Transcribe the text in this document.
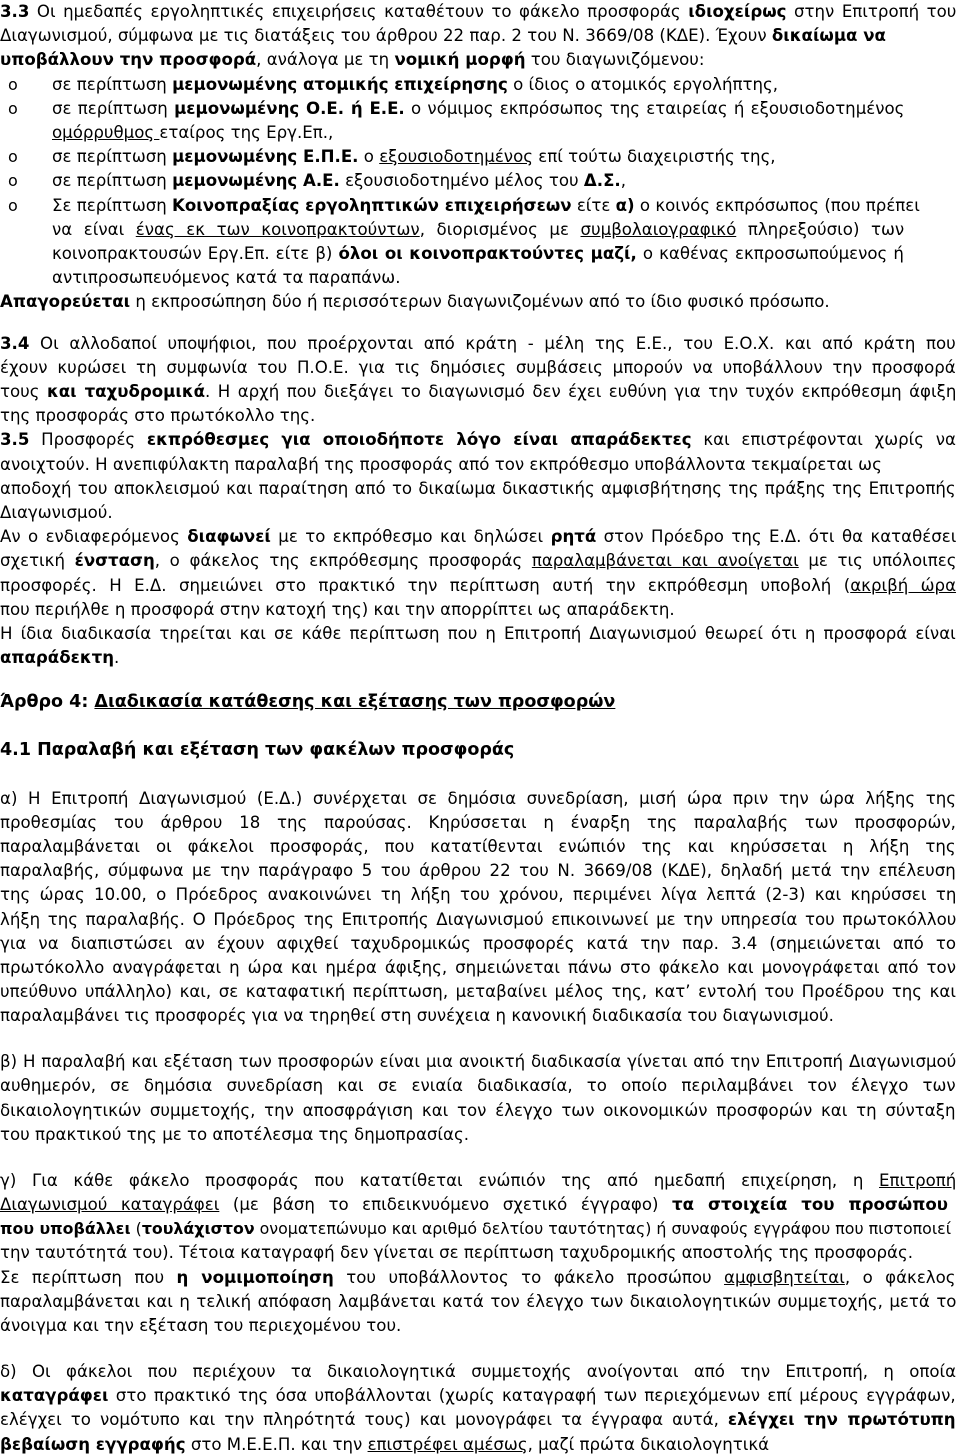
3.3 Οι ημεδαπές εργοληπτικές επιχειρήσεις καταθέτουν το φάκελο προσφοράς ιδιοχείρως στην Επιτροπή του
Διαγωνισμού, σύμφωνα με τις διατάξεις του άρθρου 22 παρ. 2 του Ν. 3669/08 (ΚΔΕ). Έχουν δικαίωμα να
υποβάλλουν την προσφορά, ανάλογα με τη νομική μορφή του διαγωνιζόμενου:
o σε περίπτωση μεμονωμένης ατομικής επιχείρησης ο ίδιος ο ατομικός εργολήπτης,
o σε περίπτωση μεμονωμένης Ο.Ε. ή Ε.Ε. ο νόμιμος εκπρόσωπος της εταιρείας ή εξουσιοδοτημένος
ομόρρυθμος εταίρος της Εργ.Επ.,
o σε περίπτωση μεμονωμένης Ε.Π.Ε. ο εξουσιοδοτημένος επί τούτω διαχειριστής της,
o σε περίπτωση μεμονωμένης Α.Ε. εξουσιοδοτημένο μέλος του Δ.Σ.,
o Σε περίπτωση Κοινοπραξίας εργοληπτικών επιχειρήσεων είτε α) ο κοινός εκπρόσωπος (που πρέπει
να είναι ένας εκ των κοινοπρακτούντων, διορισμένος με συμβολαιογραφικό πληρεξούσιο) των
κοινοπρακτουσών Εργ.Επ. είτε β) όλοι οι κοινοπρακτούντες μαζί, ο καθένας εκπροσωπούμενος ή
αντιπροσωπευόμενος κατά τα παραπάνω.
Απαγορεύεται η εκπροσώπηση δύο ή περισσότερων διαγωνιζομένων από το ίδιο φυσικό πρόσωπο.
3.4 Οι αλλοδαποί υποψήφιοι, που προέρχονται από κράτη - μέλη της Ε.Ε., του Ε.Ο.Χ. και από κράτη που
έχουν κυρώσει τη συμφωνία του Π.Ο.Ε. για τις δημόσιες συμβάσεις μπορούν να υποβάλλουν την προσφορά
τους και ταχυδρομικά. Η αρχή που διεξάγει το διαγωνισμό δεν έχει ευθύνη για την τυχόν εκπρόθεσμη άφιξη
της προσφοράς στο πρωτόκολλο της.
3.5 Προσφορές εκπρόθεσμες για οποιοδήποτε λόγο είναι απαράδεκτες και επιστρέφονται χωρίς να
ανοιχτούν. Η ανεπιφύλακτη παραλαβή της προσφοράς από τον εκπρόθεσμο υποβάλλοντα τεκμαίρεται ως
αποδοχή του αποκλεισμού και παραίτηση από το δικαίωμα δικαστικής αμφισβήτησης της πράξης της Επιτροπής
Διαγωνισμού.
Αν ο ενδιαφερόμενος διαφωνεί με το εκπρόθεσμο και δηλώσει ρητά στον Πρόεδρο της Ε.Δ. ότι θα καταθέσει
σχετική ένσταση, ο φάκελος της εκπρόθεσμης προσφοράς παραλαμβάνεται και ανοίγεται με τις υπόλοιπες
προσφορές. Η Ε.Δ. σημειώνει στο πρακτικό την περίπτωση αυτή την εκπρόθεσμη υποβολή (ακριβή ώρα
που περιήλθε η προσφορά στην κατοχή της) και την απορρίπτει ως απαράδεκτη.
Η ίδια διαδικασία τηρείται και σε κάθε περίπτωση που η Επιτροπή Διαγωνισμού θεωρεί ότι η προσφορά είναι
απαράδεκτη.
Άρθρο 4: Διαδικασία κατάθεσης και εξέτασης των προσφορών
4.1 Παραλαβή και εξέταση των φακέλων προσφοράς
α) Η Επιτροπή Διαγωνισμού (Ε.Δ.) συνέρχεται σε δημόσια συνεδρίαση, μισή ώρα πριν την ώρα λήξης της
προθεσμίας του άρθρου 18 της παρούσας. Κηρύσσεται η έναρξη της παραλαβής των προσφορών,
παραλαμβάνεται οι φάκελοι προσφοράς, που κατατίθενται ενώπιόν της και κηρύσσεται η λήξη της
παραλαβής, σύμφωνα με την παράγραφο 5 του άρθρου 22 του Ν. 3669/08 (ΚΔΕ), δηλαδή μετά την επέλευση
της ώρας 10.00, ο Πρόεδρος ανακοινώνει τη λήξη του χρόνου, περιμένει λίγα λεπτά (2-3) και κηρύσσει τη
λήξη της παραλαβής. Ο Πρόεδρος της Επιτροπής Διαγωνισμού επικοινωνεί με την υπηρεσία του πρωτοκόλλου
για να διαπιστώσει αν έχουν αφιχθεί ταχυδρομικώς προσφορές κατά την παρ. 3.4 (σημειώνεται από το
πρωτόκολλο αναγράφεται η ώρα και ημέρα άφιξης, σημειώνεται πάνω στο φάκελο και μονογράφεται από τον
υπεύθυνο υπάλληλο) και, σε καταφατική περίπτωση, μεταβαίνει μέλος της, κατ’ εντολή του Προέδρου της και
παραλαμβάνει τις προσφορές για να τηρηθεί στη συνέχεια η κανονική διαδικασία του διαγωνισμού.
β) Η παραλαβή και εξέταση των προσφορών είναι μια ανοικτή διαδικασία γίνεται από την Επιτροπή Διαγωνισμού
αυθημερόν, σε δημόσια συνεδρίαση και σε ενιαία διαδικασία, το οποίο περιλαμβάνει τον έλεγχο των
δικαιολογητικών συμμετοχής, την αποσφράγιση και τον έλεγχο των οικονομικών προσφορών και τη σύνταξη
του πρακτικού της με το αποτέλεσμα της δημοπρασίας.
γ) Για κάθε φάκελο προσφοράς που κατατίθεται ενώπιόν της από ημεδαπή επιχείρηση, η Επιτροπή
Διαγωνισμού καταγράφει (με βάση το επιδεικνυόμενο σχετικό έγγραφο) τα στοιχεία του προσώπου
που υποβάλλει (τουλάχιστον ονοματεπώνυμο και αριθμό δελτίου ταυτότητας) ή συναφούς εγγράφου που πιστοποιεί
την ταυτότητά του). Τέτοια καταγραφή δεν γίνεται σε περίπτωση ταχυδρομικής αποστολής της προσφοράς.
Σε περίπτωση που η νομιμοποίηση του υποβάλλοντος το φάκελο προσώπου αμφισβητείται, ο φάκελος
παραλαμβάνεται και η τελική απόφαση λαμβάνεται κατά τον έλεγχο των δικαιολογητικών συμμετοχής, μετά το
άνοιγμα και την εξέταση του περιεχομένου του.
δ) Οι φάκελοι που περιέχουν τα δικαιολογητικά συμμετοχής ανοίγονται από την Επιτροπή, η οποία
καταγράφει στο πρακτικό της όσα υποβάλλονται (χωρίς καταγραφή των περιεχόμενων επί μέρους εγγράφων,
ελέγχει το νομότυπο και την πληρότητά τους) και μονογράφει τα έγγραφα αυτά, ελέγχει την πρωτότυπη
βεβαίωση εγγραφής στο Μ.Ε.Ε.Π. και την επιστρέφει αμέσως, μαζί πρώτα δικαιολογητικά
